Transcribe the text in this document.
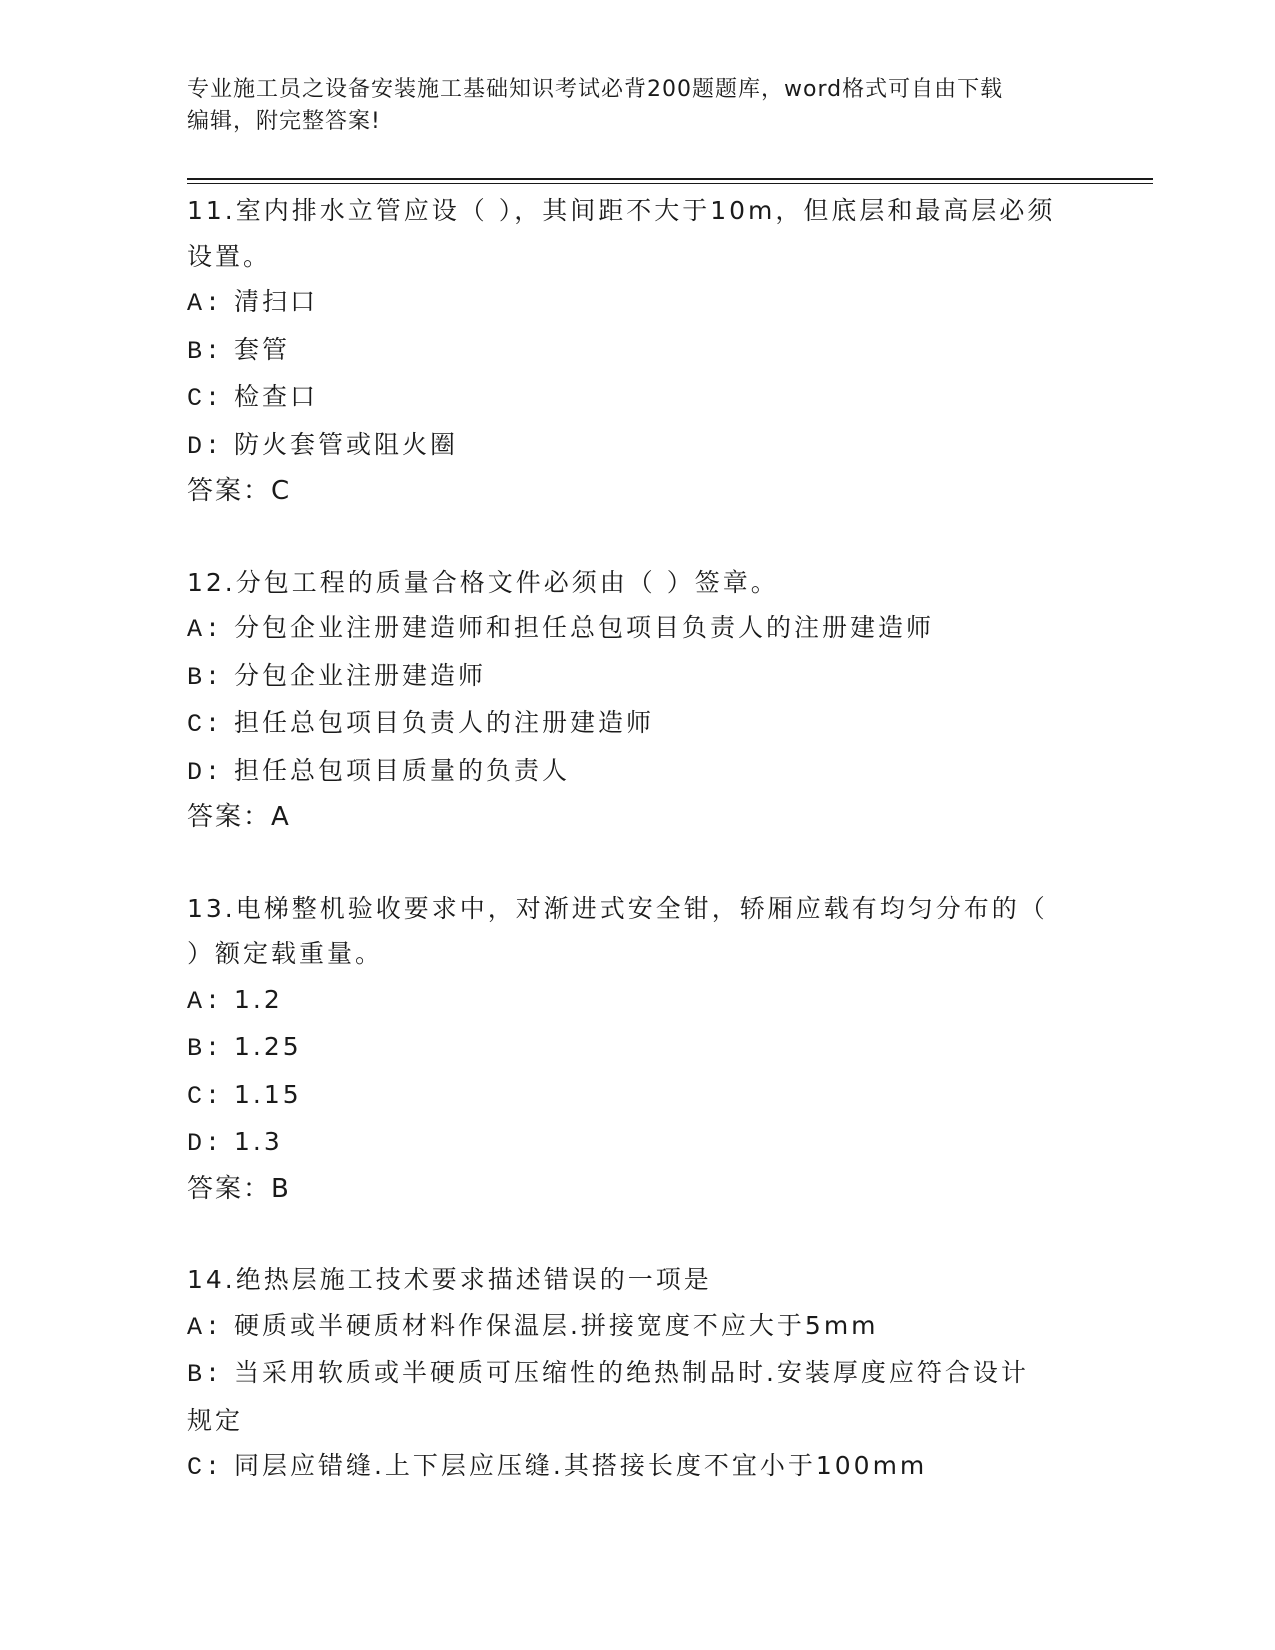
专业施工员之设备安装施工基础知识考试必背200题题库，word格式可自由下载
编辑，附完整答案!

11.室内排水立管应设（ ），其间距不大于10m，但底层和最高层必须

设置。

A: 清扫口

B: 套管

C: 检查口

D: 防火套管或阻火圈

答案：C

12.分包工程的质量合格文件必须由（ ）签章。

A: 分包企业注册建造师和担任总包项目负责人的注册建造师

B: 分包企业注册建造师

C: 担任总包项目负责人的注册建造师

D: 担任总包项目质量的负责人

答案：A

13.电梯整机验收要求中，对渐进式安全钳，轿厢应载有均匀分布的（

）额定载重量。

A: 1.2

B: 1.25

C: 1.15

D: 1.3

答案：B

14.绝热层施工技术要求描述错误的一项是

A: 硬质或半硬质材料作保温层.拼接宽度不应大于5mm

B: 当采用软质或半硬质可压缩性的绝热制品时.安装厚度应符合设计

规定

C: 同层应错缝.上下层应压缝.其搭接长度不宜小于100mm
